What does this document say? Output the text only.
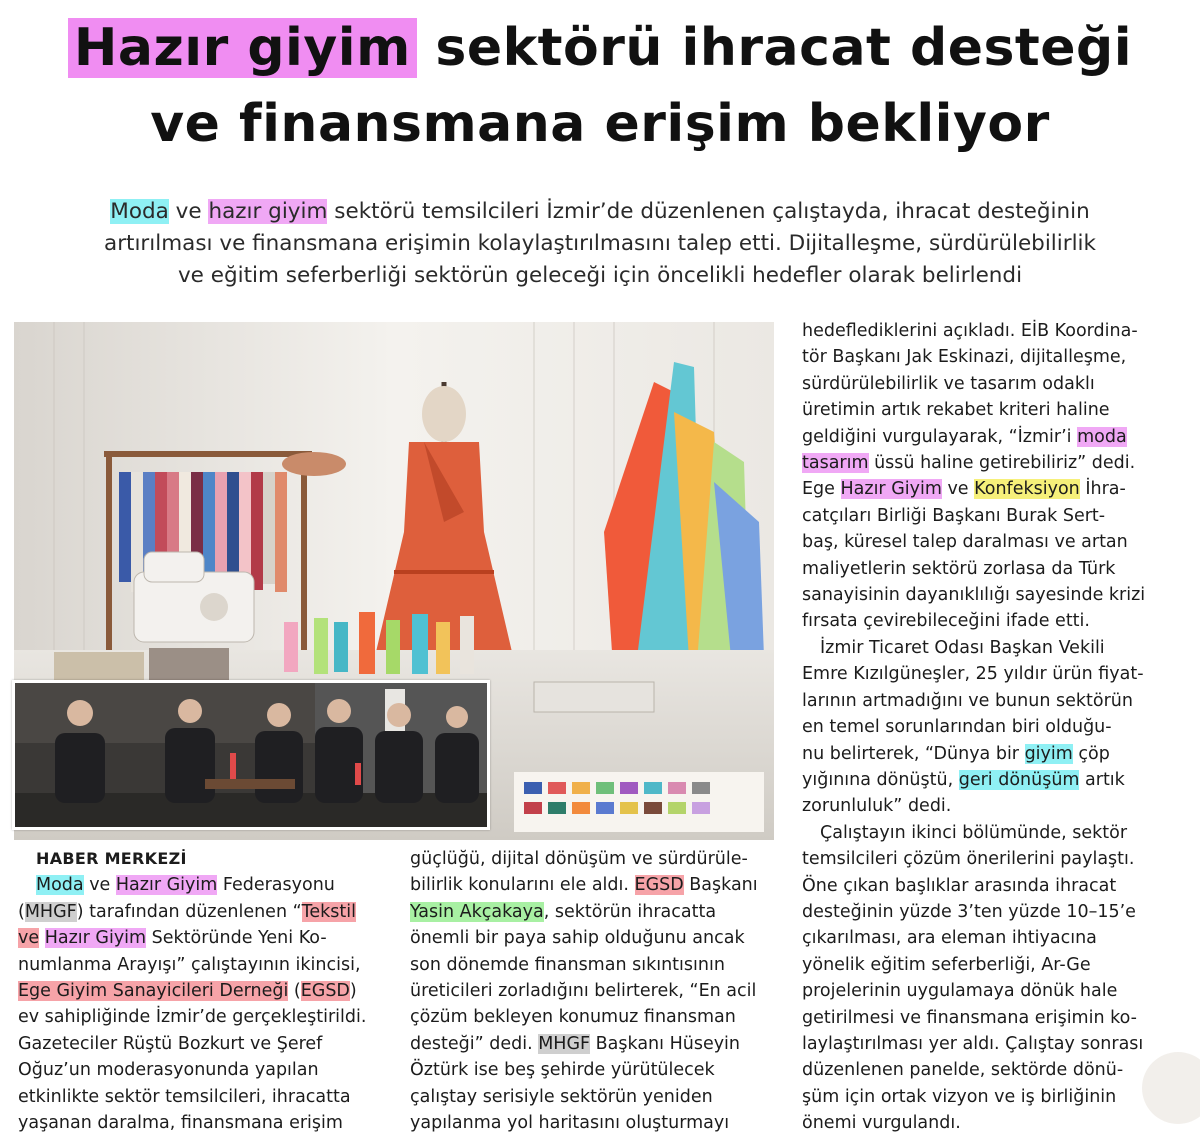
Hazır giyim sektörü ihracat desteği
ve finansmana erişim bekliyor
Moda ve hazır giyim sektörü temsilcileri İzmir’de düzenlenen çalıştayda, ihracat desteğinin
artırılması ve finansmana erişimin kolaylaştırılmasını talep etti. Dijitalleşme, sürdürülebilirlik
ve eğitim seferberliği sektörün geleceği için öncelikli hedefler olarak belirlendi

HABER MERKEZİ

Moda ve Hazır Giyim Federasyonu

(MHGF) tarafından düzenlenen “Tekstil

ve Hazır Giyim Sektöründe Yeni Ko-

numlanma Arayışı” çalıştayının ikincisi,

Ege Giyim Sanayicileri Derneği (EGSD)

ev sahipliğinde İzmir’de gerçekleştirildi.

Gazeteciler Rüştü Bozkurt ve Şeref

Oğuz’un moderasyonunda yapılan

etkinlikte sektör temsilcileri, ihracatta

yaşanan daralma, finansmana erişim

güçlüğü, dijital dönüşüm ve sürdürüle-

bilirlik konularını ele aldı. EGSD Başkanı

Yasin Akçakaya, sektörün ihracatta

önemli bir paya sahip olduğunu ancak

son dönemde finansman sıkıntısının

üreticileri zorladığını belirterek, “En acil

çözüm bekleyen konumuz finansman

desteği” dedi. MHGF Başkanı Hüseyin

Öztürk ise beş şehirde yürütülecek

çalıştay serisiyle sektörün yeniden

yapılanma yol haritasını oluşturmayı

hedeflediklerini açıkladı. EİB Koordina-

tör Başkanı Jak Eskinazi, dijitalleşme,

sürdürülebilirlik ve tasarım odaklı

üretimin artık rekabet kriteri haline

geldiğini vurgulayarak, “İzmir’i moda

tasarım üssü haline getirebiliriz” dedi.

Ege Hazır Giyim ve Konfeksiyon İhra-

catçıları Birliği Başkanı Burak Sert-

baş, küresel talep daralması ve artan

maliyetlerin sektörü zorlasa da Türk

sanayisinin dayanıklılığı sayesinde krizi

fırsata çevirebileceğini ifade etti.

İzmir Ticaret Odası Başkan Vekili

Emre Kızılgüneşler, 25 yıldır ürün fiyat-

larının artmadığını ve bunun sektörün

en temel sorunlarından biri olduğu-

nu belirterek, “Dünya bir giyim çöp

yığınına dönüştü, geri dönüşüm artık

zorunluluk” dedi.

Çalıştayın ikinci bölümünde, sektör

temsilcileri çözüm önerilerini paylaştı.

Öne çıkan başlıklar arasında ihracat

desteğinin yüzde 3’ten yüzde 10–15’e

çıkarılması, ara eleman ihtiyacına

yönelik eğitim seferberliği, Ar-Ge

projelerinin uygulamaya dönük hale

getirilmesi ve finansmana erişimin ko-

laylaştırılması yer aldı. Çalıştay sonrası

düzenlenen panelde, sektörde dönü-

şüm için ortak vizyon ve iş birliğinin

önemi vurgulandı.
